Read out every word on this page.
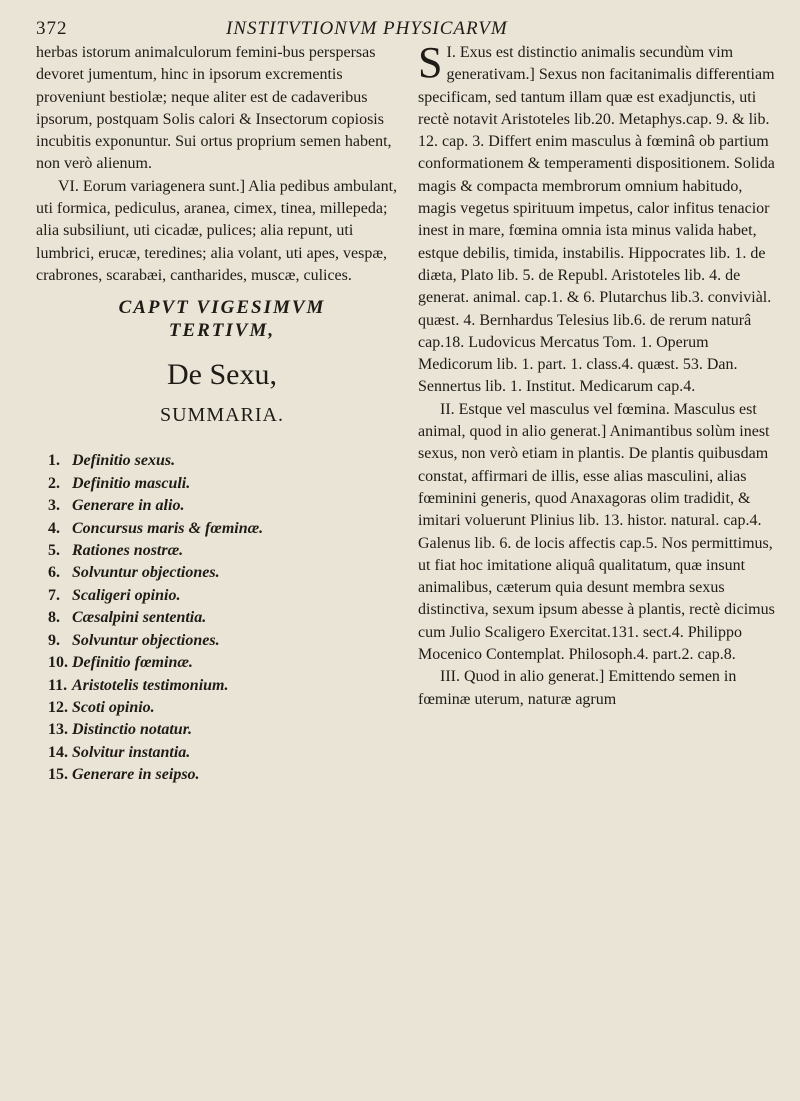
372	INSTITVTIONVM PHYSICARVM

herbas istorum animalculorum femini-bus perspersas devoret jumentum, hinc in ipsorum excrementis proveniunt bestiolæ; neque aliter est de cadaveribus ipsorum, postquam Solis calori & Insectorum copiosis incubitis exponuntur. Sui ortus proprium semen habent, non verò alienum.

VI. Eorum variagenera sunt.] Alia pedibus ambulant, uti formica, pediculus, aranea, cimex, tinea, millepeda; alia subsiliunt, uti cicadæ, pulices; alia repunt, uti lumbrici, erucæ, teredines; alia volant, uti apes, vespæ, crabrones, scarabæi, cantharides, muscæ, culices.

CAPVT VIGESIMVM
TERTIVM,
De Sexu,
SUMMARIA.
1. Definitio sexus.
2. Definitio masculi.
3. Generare in alio.
4. Concursus maris & fœminæ.
5. Rationes nostræ.
6. Solvuntur objectiones.
7. Scaligeri opinio.
8. Cæsalpini sententia.
9. Solvuntur objectiones.
10. Definitio fœminæ.
11. Aristotelis testimonium.
12. Scoti opinio.
13. Distinctio notatur.
14. Solvitur instantia.
15. Generare in seipso.

I.
S Exus est distinctio animalis secundùm vim generativam.] Sexus non facitanimalis differentiam specificam, sed tantum illam quæ est exadjunctis, uti rectè notavit Aristoteles lib.20. Metaphys.cap. 9. & lib. 12. cap. 3. Differt enim masculus à fœminâ ob partium conformationem & temperamenti dispositionem. Solida magis & compacta membrorum omnium habitudo, magis vegetus spirituum impetus, calor infitus tenacior inest in mare, fœmina omnia ista minus valida habet, estque debilis, timida, instabilis. Hippocrates lib. 1. de diæta, Plato lib. 5. de Republ. Aristoteles lib. 4. de generat. animal. cap.1. & 6. Plutarchus lib.3. conviviàl. quæst. 4. Bernhardus Telesius lib.6. de rerum naturâ cap.18. Ludovicus Mercatus Tom. 1. Operum Medicorum lib. 1. part. 1. class.4. quæst. 53. Dan. Sennertus lib. 1. Institut. Medicarum cap.4.

II. Estque vel masculus vel fœmina. Masculus est animal, quod in alio generat.] Animantibus solùm inest sexus, non verò etiam in plantis. De plantis quibusdam constat, affirmari de illis, esse alias masculini, alias fœminini generis, quod Anaxagoras olim tradidit, & imitari voluerunt Plinius lib. 13. histor. natural. cap.4. Galenus lib. 6. de locis affectis cap.5. Nos permittimus, ut fiat hoc imitatione aliquâ qualitatum, quæ insunt animalibus, cæterum quia desunt membra sexus distinctiva, sexum ipsum abesse à plantis, rectè dicimus cum Julio Scaligero Exercitat.131. sect.4. Philippo Mocenico Contemplat. Philosoph.4. part.2. cap.8.

III. Quod in alio generat.] Emittendo semen in fœminæ uterum, naturæ agrum
